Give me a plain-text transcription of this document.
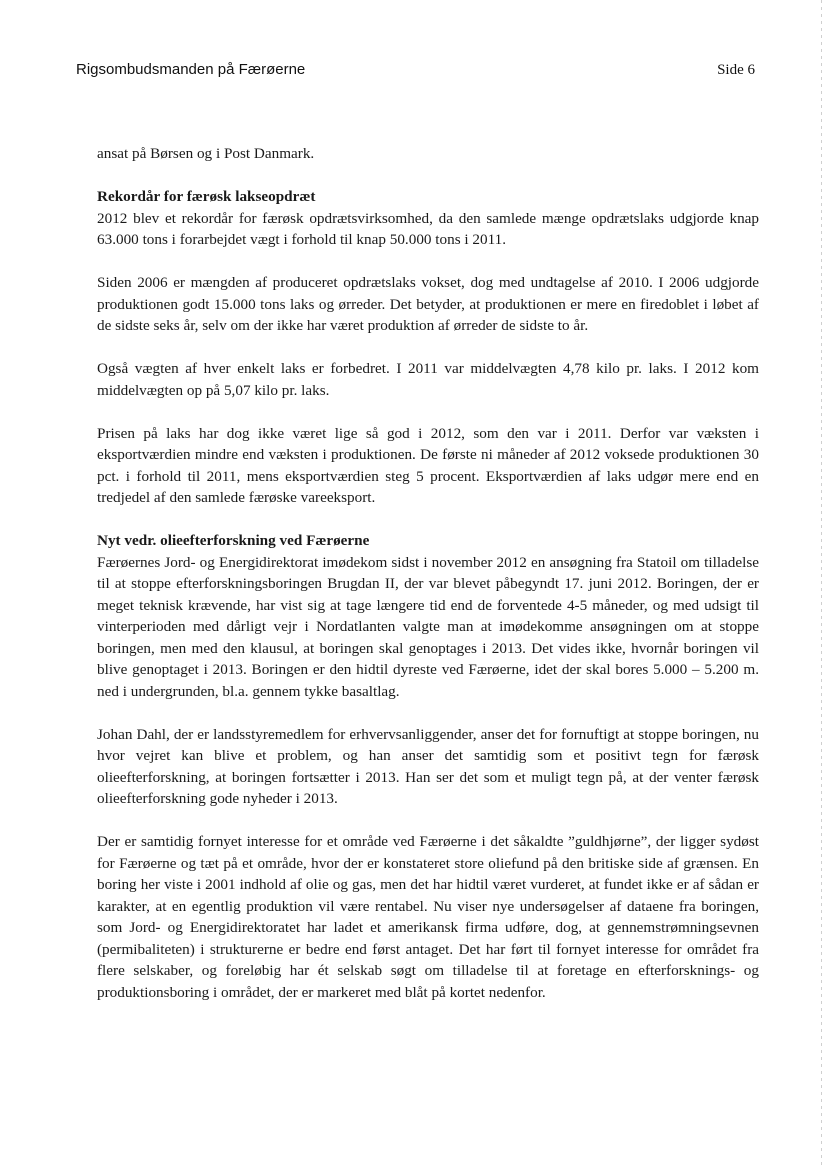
Rigsombudsmanden på Færøerne	Side 6

ansat på Børsen og i Post Danmark.

Rekordår for færøsk lakseopdræt

2012 blev et rekordår for færøsk opdrætsvirksomhed, da den samlede mænge opdrætslaks udgjorde knap 63.000 tons i forarbejdet vægt i forhold til knap 50.000 tons i 2011.

Siden 2006 er mængden af produceret opdrætslaks vokset, dog med undtagelse af 2010. I 2006 udgjorde produktionen godt 15.000 tons laks og ørreder. Det betyder, at produktionen er mere en firedoblet i løbet af de sidste seks år, selv om der ikke har været produktion af ørreder de sidste to år.

Også vægten af hver enkelt laks er forbedret. I 2011 var middelvægten 4,78 kilo pr. laks. I 2012 kom middelvægten op på 5,07 kilo pr. laks.

Prisen på laks har dog ikke været lige så god i 2012, som den var i 2011. Derfor var væksten i eksportværdien mindre end væksten i produktionen. De første ni måneder af 2012 voksede produktionen 30 pct. i forhold til 2011, mens eksportværdien steg 5 procent. Eksportværdien af laks udgør mere end en tredjedel af den samlede færøske vareeksport.

Nyt vedr. olieefterforskning ved Færøerne

Færøernes Jord- og Energidirektorat imødekom sidst i november 2012 en ansøgning fra Statoil om tilladelse til at stoppe efterforskningsboringen Brugdan II, der var blevet påbegyndt 17. juni 2012. Boringen, der er meget teknisk krævende, har vist sig at tage længere tid end de forventede 4-5 måneder, og med udsigt til vinterperioden med dårligt vejr i Nordatlanten valgte man at imødekomme ansøgningen om at stoppe boringen, men med den klausul, at boringen skal genoptages i 2013. Det vides ikke, hvornår boringen vil blive genoptaget i 2013. Boringen er den hidtil dyreste ved Færøerne, idet der skal bores 5.000 – 5.200 m. ned i undergrunden, bl.a. gennem tykke basaltlag.

Johan Dahl, der er landsstyremedlem for erhvervsanliggender, anser det for fornuftigt at stoppe boringen, nu hvor vejret kan blive et problem, og han anser det samtidig som et positivt tegn for færøsk olieefterforskning, at boringen fortsætter i 2013. Han ser det som et muligt tegn på, at der venter færøsk olieefterforskning gode nyheder i 2013.

Der er samtidig fornyet interesse for et område ved Færøerne i det såkaldte ”guldhjørne”, der ligger sydøst for Færøerne og tæt på et område, hvor der er konstateret store oliefund på den britiske side af grænsen. En boring her viste i 2001 indhold af olie og gas, men det har hidtil været vurderet, at fundet ikke er af sådan er karakter, at en egentlig produktion vil være rentabel. Nu viser nye undersøgelser af dataene fra boringen, som Jord- og Energidirektoratet har ladet et amerikansk firma udføre, dog, at gennemstrømningsevnen (permibaliteten) i strukturerne er bedre end først antaget. Det har ført til fornyet interesse for området fra flere selskaber, og foreløbig har ét selskab søgt om tilladelse til at foretage en efterforsknings- og produktionsboring i området, der er markeret med blåt på kortet nedenfor.
